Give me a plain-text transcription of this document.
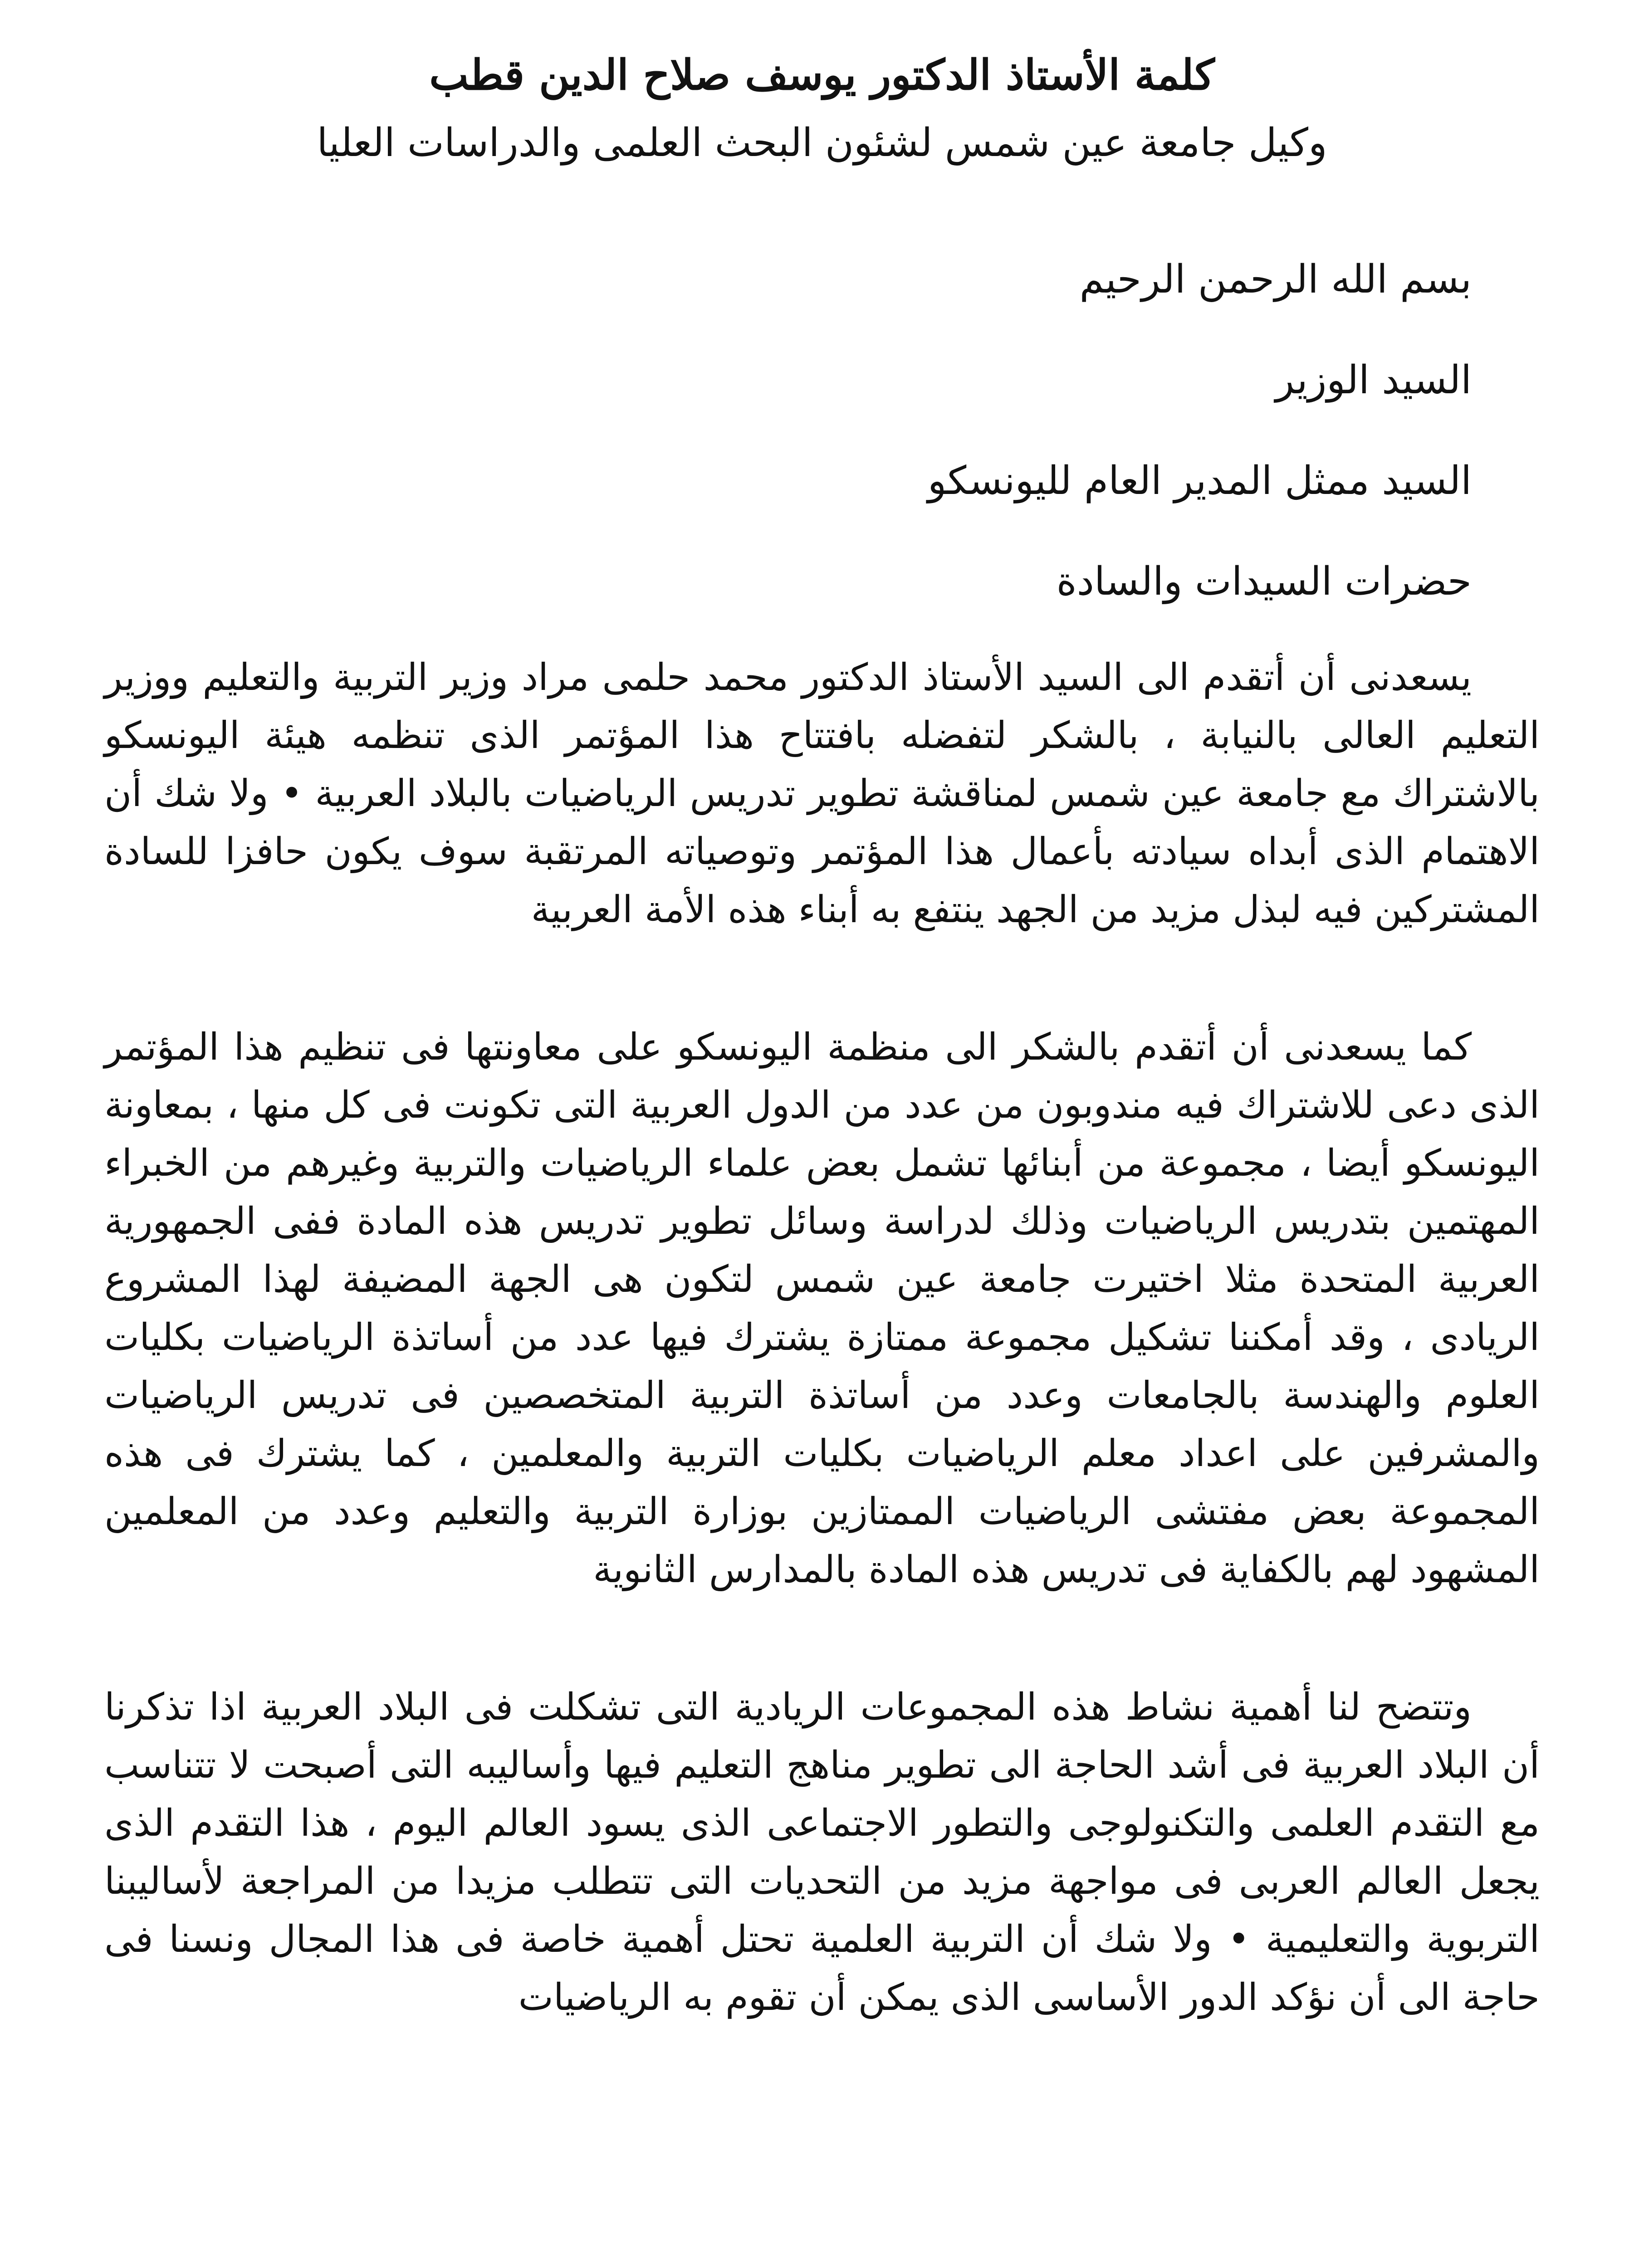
كلمة الأستاذ الدكتور يوسف صلاح الدين قطب

وكيل جامعة عين شمس لشئون البحث العلمى والدراسات العليا

بسم الله الرحمن الرحيم

السيد الوزير

السيد ممثل المدير العام لليونسكو

حضرات السيدات والسادة

يسعدنى أن أتقدم الى السيد الأستاذ الدكتور محمد حلمى مراد وزير التربية والتعليم ووزير التعليم العالى بالنيابة ، بالشكر لتفضله بافتتاح هذا المؤتمر الذى تنظمه هيئة اليونسكو بالاشتراك مع جامعة عين شمس لمناقشة تطوير تدريس الرياضيات بالبلاد العربية • ولا شك أن الاهتمام الذى أبداه سيادته بأعمال هذا المؤتمر وتوصياته المرتقبة سوف يكون حافزا للسادة المشتركين فيه لبذل مزيد من الجهد ينتفع به أبناء هذه الأمة العربية

كما يسعدنى أن أتقدم بالشكر الى منظمة اليونسكو على معاونتها فى تنظيم هذا المؤتمر الذى دعى للاشتراك فيه مندوبون من عدد من الدول العربية التى تكونت فى كل منها ، بمعاونة اليونسكو أيضا ، مجموعة من أبنائها تشمل بعض علماء الرياضيات والتربية وغيرهم من الخبراء المهتمين بتدريس الرياضيات وذلك لدراسة وسائل تطوير تدريس هذه المادة ففى الجمهورية العربية المتحدة مثلا اختيرت جامعة عين شمس لتكون هى الجهة المضيفة لهذا المشروع الريادى ، وقد أمكننا تشكيل مجموعة ممتازة يشترك فيها عدد من أساتذة الرياضيات بكليات العلوم والهندسة بالجامعات وعدد من أساتذة التربية المتخصصين فى تدريس الرياضيات والمشرفين على اعداد معلم الرياضيات بكليات التربية والمعلمين ، كما يشترك فى هذه المجموعة بعض مفتشى الرياضيات الممتازين بوزارة التربية والتعليم وعدد من المعلمين المشهود لهم بالكفاية فى تدريس هذه المادة بالمدارس الثانوية

وتتضح لنا أهمية نشاط هذه المجموعات الريادية التى تشكلت فى البلاد العربية اذا تذكرنا أن البلاد العربية فى أشد الحاجة الى تطوير مناهج التعليم فيها وأساليبه التى أصبحت لا تتناسب مع التقدم العلمى والتكنولوجى والتطور الاجتماعى الذى يسود العالم اليوم ، هذا التقدم الذى يجعل العالم العربى فى مواجهة مزيد من التحديات التى تتطلب مزيدا من المراجعة لأساليبنا التربوية والتعليمية • ولا شك أن التربية العلمية تحتل أهمية خاصة فى هذا المجال ونسنا فى حاجة الى أن نؤكد الدور الأساسى الذى يمكن أن تقوم به الرياضيات
